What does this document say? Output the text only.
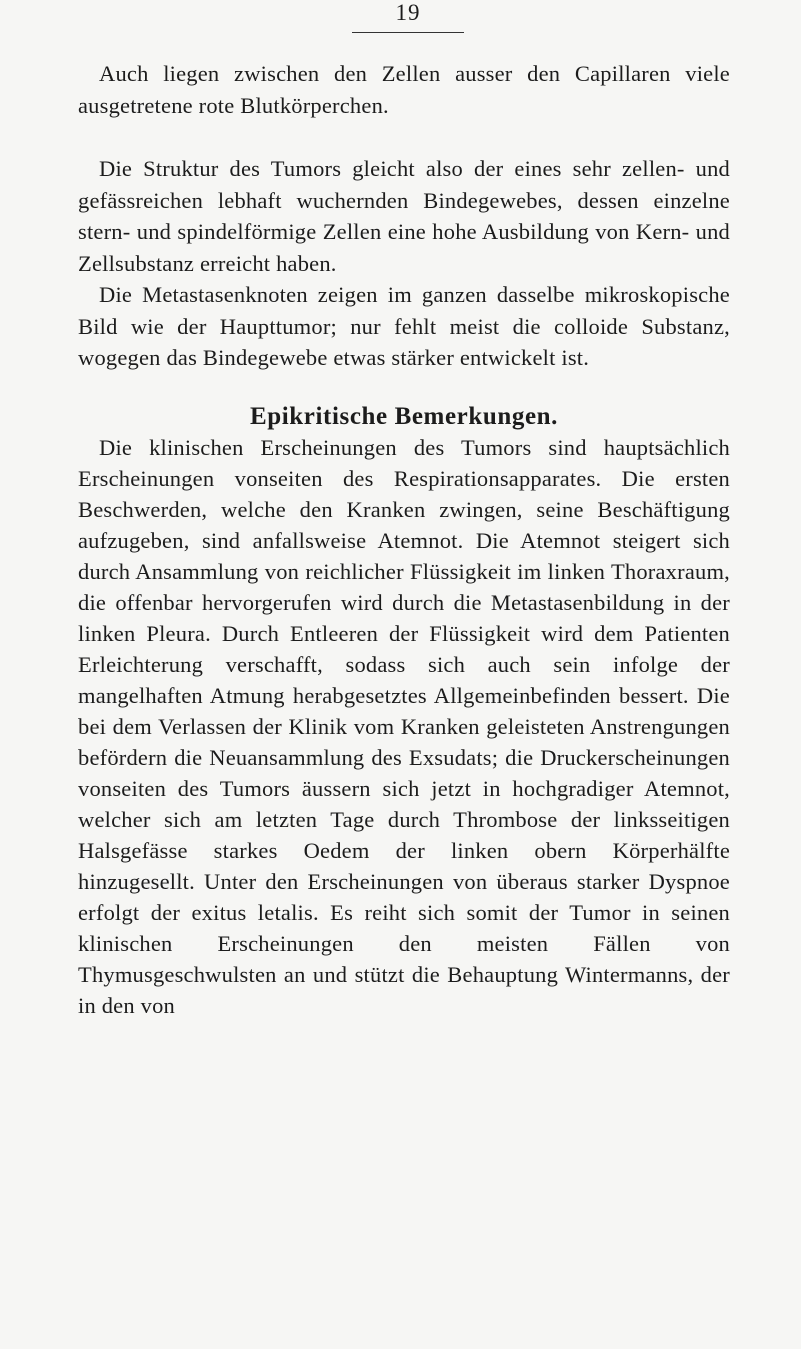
19

Auch liegen zwischen den Zellen ausser den Capillaren viele ausgetretene rote Blutkörperchen.

Die Struktur des Tumors gleicht also der eines sehr zellen- und gefässreichen lebhaft wuchernden Bindegewebes, dessen einzelne stern- und spindelförmige Zellen eine hohe Ausbildung von Kern- und Zellsubstanz erreicht haben.

Die Metastasenknoten zeigen im ganzen dasselbe mikroskopische Bild wie der Haupttumor; nur fehlt meist die colloide Substanz, wogegen das Bindegewebe etwas stärker entwickelt ist.

Epikritische Bemerkungen.

Die klinischen Erscheinungen des Tumors sind hauptsächlich Erscheinungen vonseiten des Respirationsapparates. Die ersten Beschwerden, welche den Kranken zwingen, seine Beschäftigung aufzugeben, sind anfallsweise Atemnot. Die Atemnot steigert sich durch Ansammlung von reichlicher Flüssigkeit im linken Thoraxraum, die offenbar hervorgerufen wird durch die Metastasenbildung in der linken Pleura. Durch Entleeren der Flüssigkeit wird dem Patienten Erleichterung verschafft, sodass sich auch sein infolge der mangelhaften Atmung herabgesetztes Allgemeinbefinden bessert. Die bei dem Verlassen der Klinik vom Kranken geleisteten Anstrengungen befördern die Neuansammlung des Exsudats; die Druckerscheinungen vonseiten des Tumors äussern sich jetzt in hochgradiger Atemnot, welcher sich am letzten Tage durch Thrombose der linksseitigen Halsgefässe starkes Oedem der linken obern Körperhälfte hinzugesellt. Unter den Erscheinungen von überaus starker Dyspnoe erfolgt der exitus letalis. Es reiht sich somit der Tumor in seinen klinischen Erscheinungen den meisten Fällen von Thymusgeschwulsten an und stützt die Behauptung Wintermanns, der in den von
